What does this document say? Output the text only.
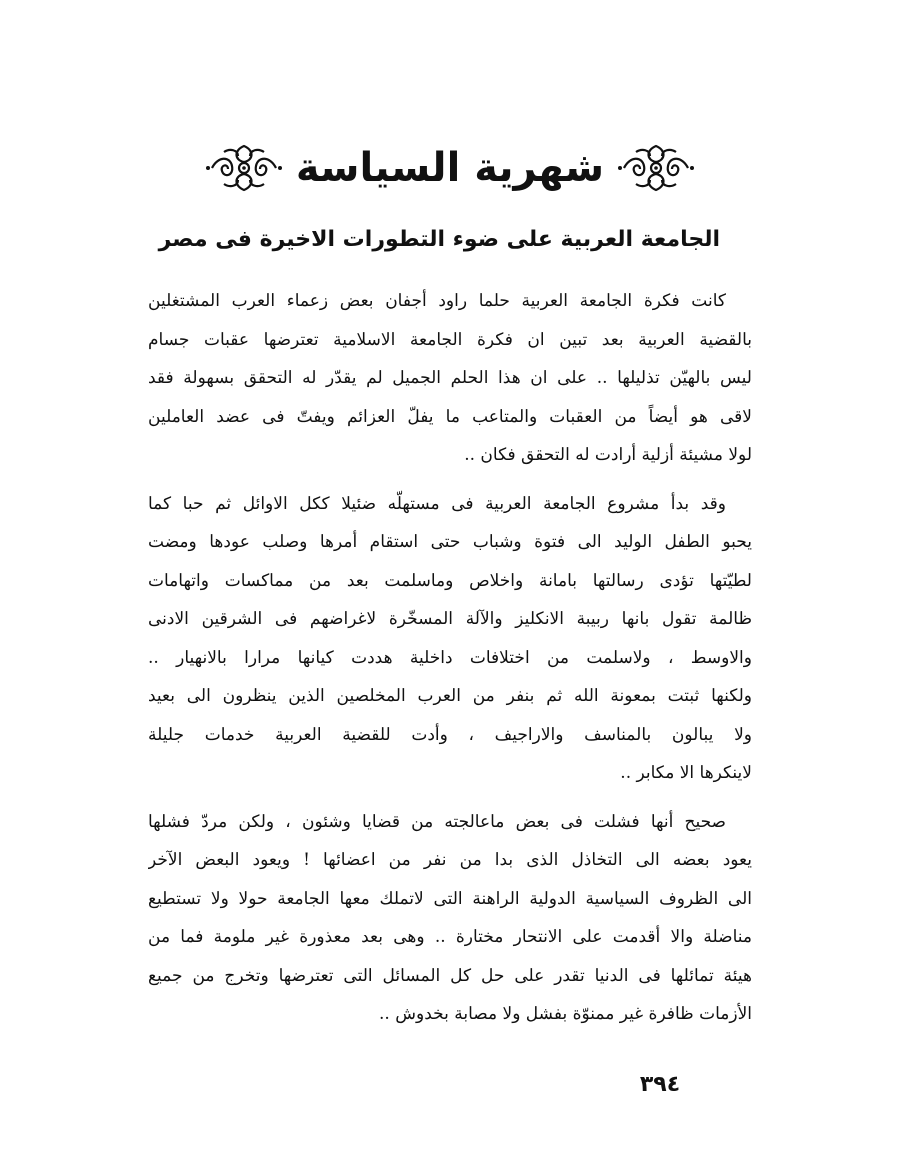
شهرية السياسة
الجامعة العربية على ضوء التطورات الاخيرة فى مصر
كانت فكرة الجامعة العربية حلما راود أجفان بعض زعماء العرب المشتغلين
بالقضية العربية بعد تبين ان فكرة الجامعة الاسلامية تعترضها عقبات جسام
ليس بالهيّن تذليلها .. على ان هذا الحلم الجميل لم يقدّر له التحقق بسهولة فقد
لاقى هو أيضاً من العقبات والمتاعب ما يفلّ العزائم ويفتّ فى عضد العاملين
لولا مشيئة أزلية أرادت له التحقق فكان ..
وقد بدأ مشروع الجامعة العربية فى مستهلّه ضئيلا ككل الاوائل ثم حبا كما
يحبو الطفل الوليد الى فتوة وشباب حتى استقام أمرها وصلب عودها ومضت
لطيّتها تؤدى رسالتها بامانة واخلاص وماسلمت بعد من مماكسات واتهامات
ظالمة تقول بانها ربيبة الانكليز والآلة المسخّرة لاغراضهم فى الشرقين الادنى
والاوسط ، ولاسلمت من اختلافات داخلية هددت كيانها مرارا بالانهيار ..
ولكنها ثبتت بمعونة الله ثم بنفر من العرب المخلصين الذين ينظرون الى بعيد
ولا يبالون بالمناسف والاراجيف ، وأدت للقضية العربية خدمات جليلة
لاينكرها الا مكابر ..
صحيح أنها فشلت فى بعض ماعالجته من قضايا وشئون ، ولكن مردّ فشلها
يعود بعضه الى التخاذل الذى بدا من نفر من اعضائها ! ويعود البعض الآخر
الى الظروف السياسية الدولية الراهنة التى لاتملك معها الجامعة حولا ولا تستطيع
مناضلة والا أقدمت على الانتحار مختارة .. وهى بعد معذورة غير ملومة فما من
هيئة تمائلها فى الدنيا تقدر على حل كل المسائل التى تعترضها وتخرج من جميع
الأزمات ظافرة غير ممنوّة بفشل ولا مصابة بخدوش ..
٣٩٤
